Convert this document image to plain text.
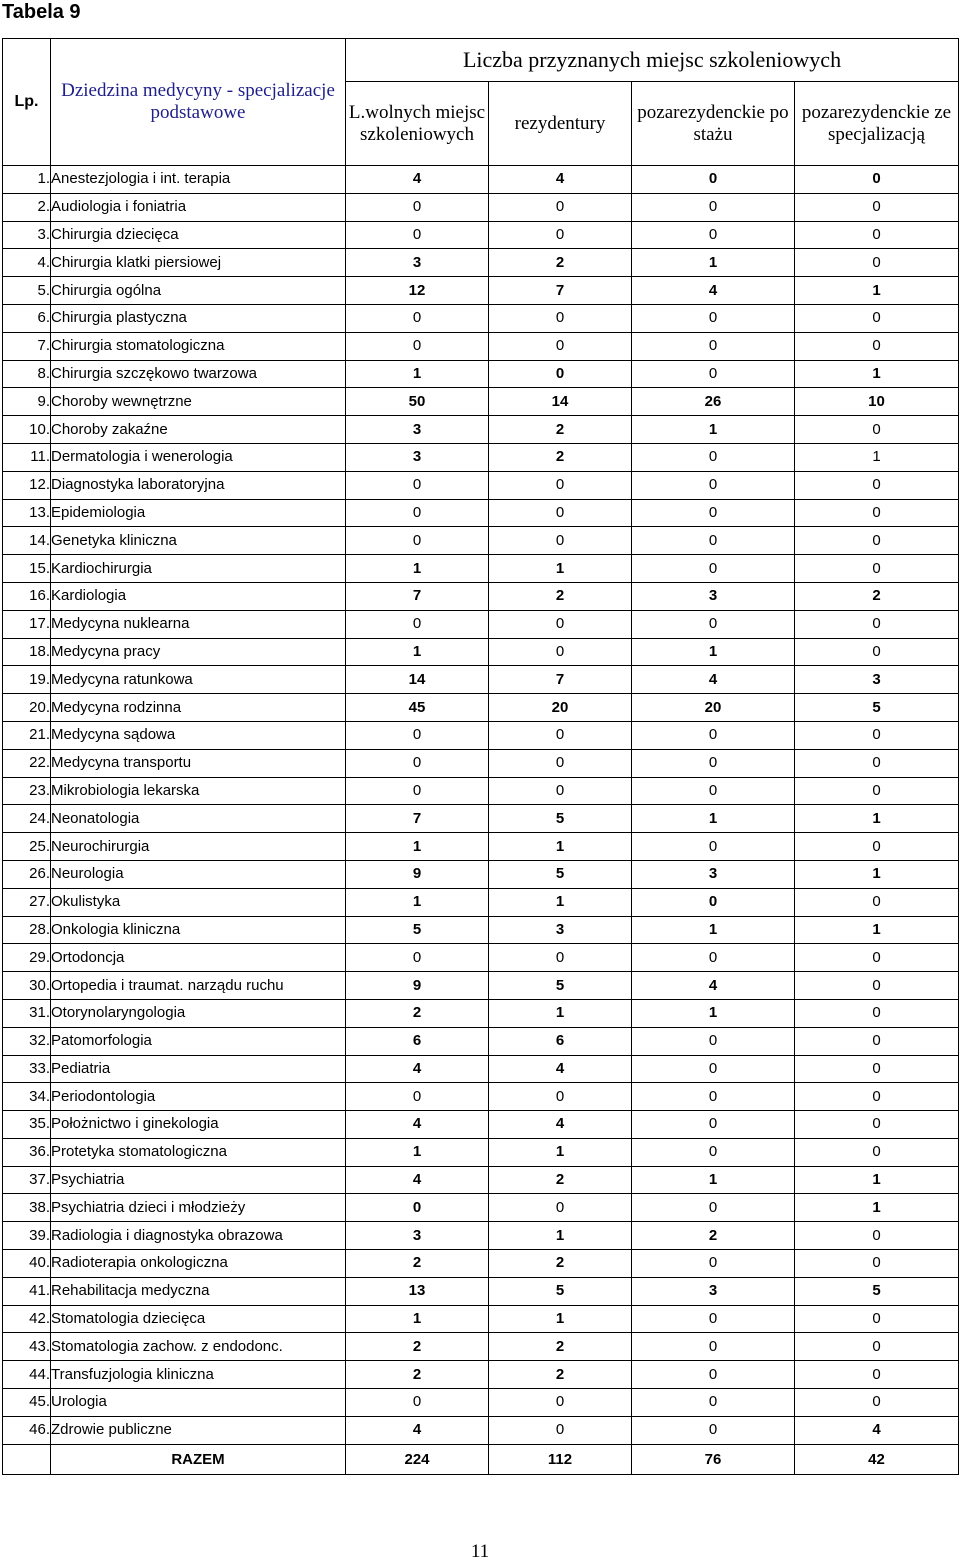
Tabela 9
Lp.	Dziedzina medycyny - specjalizacje podstawowe	Liczba przyznanych miejsc szkoleniowych			
		L.wolnych miejsc szkoleniowych	rezydentury	pozarezydenckie po stażu	pozarezydenckie ze specjalizacją
1.	Anestezjologia i int. terapia	4	4	0	0
2.	Audiologia i foniatria	0	0	0	0
3.	Chirurgia dziecięca	0	0	0	0
4.	Chirurgia klatki piersiowej	3	2	1	0
5.	Chirurgia ogólna	12	7	4	1
6.	Chirurgia plastyczna	0	0	0	0
7.	Chirurgia stomatologiczna	0	0	0	0
8.	Chirurgia szczękowo twarzowa	1	0	0	1
9.	Choroby wewnętrzne	50	14	26	10
10.	Choroby zakaźne	3	2	1	0
11.	Dermatologia i wenerologia	3	2	0	1
12.	Diagnostyka laboratoryjna	0	0	0	0
13.	Epidemiologia	0	0	0	0
14.	Genetyka kliniczna	0	0	0	0
15.	Kardiochirurgia	1	1	0	0
16.	Kardiologia	7	2	3	2
17.	Medycyna nuklearna	0	0	0	0
18.	Medycyna pracy	1	0	1	0
19.	Medycyna ratunkowa	14	7	4	3
20.	Medycyna rodzinna	45	20	20	5
21.	Medycyna sądowa	0	0	0	0
22.	Medycyna transportu	0	0	0	0
23.	Mikrobiologia lekarska	0	0	0	0
24.	Neonatologia	7	5	1	1
25.	Neurochirurgia	1	1	0	0
26.	Neurologia	9	5	3	1
27.	Okulistyka	1	1	0	0
28.	Onkologia kliniczna	5	3	1	1
29.	Ortodoncja	0	0	0	0
30.	Ortopedia i traumat. narządu ruchu	9	5	4	0
31.	Otorynolaryngologia	2	1	1	0
32.	Patomorfologia	6	6	0	0
33.	Pediatria	4	4	0	0
34.	Periodontologia	0	0	0	0
35.	Położnictwo i ginekologia	4	4	0	0
36.	Protetyka stomatologiczna	1	1	0	0
37.	Psychiatria	4	2	1	1
38.	Psychiatria dzieci i młodzieży	0	0	0	1
39.	Radiologia i diagnostyka obrazowa	3	1	2	0
40.	Radioterapia onkologiczna	2	2	0	0
41.	Rehabilitacja medyczna	13	5	3	5
42.	Stomatologia dziecięca	1	1	0	0
43.	Stomatologia zachow. z endodonc.	2	2	0	0
44.	Transfuzjologia kliniczna	2	2	0	0
45.	Urologia	0	0	0	0
46.	Zdrowie publiczne	4	0	0	4
	RAZEM	224	112	76	42
11
